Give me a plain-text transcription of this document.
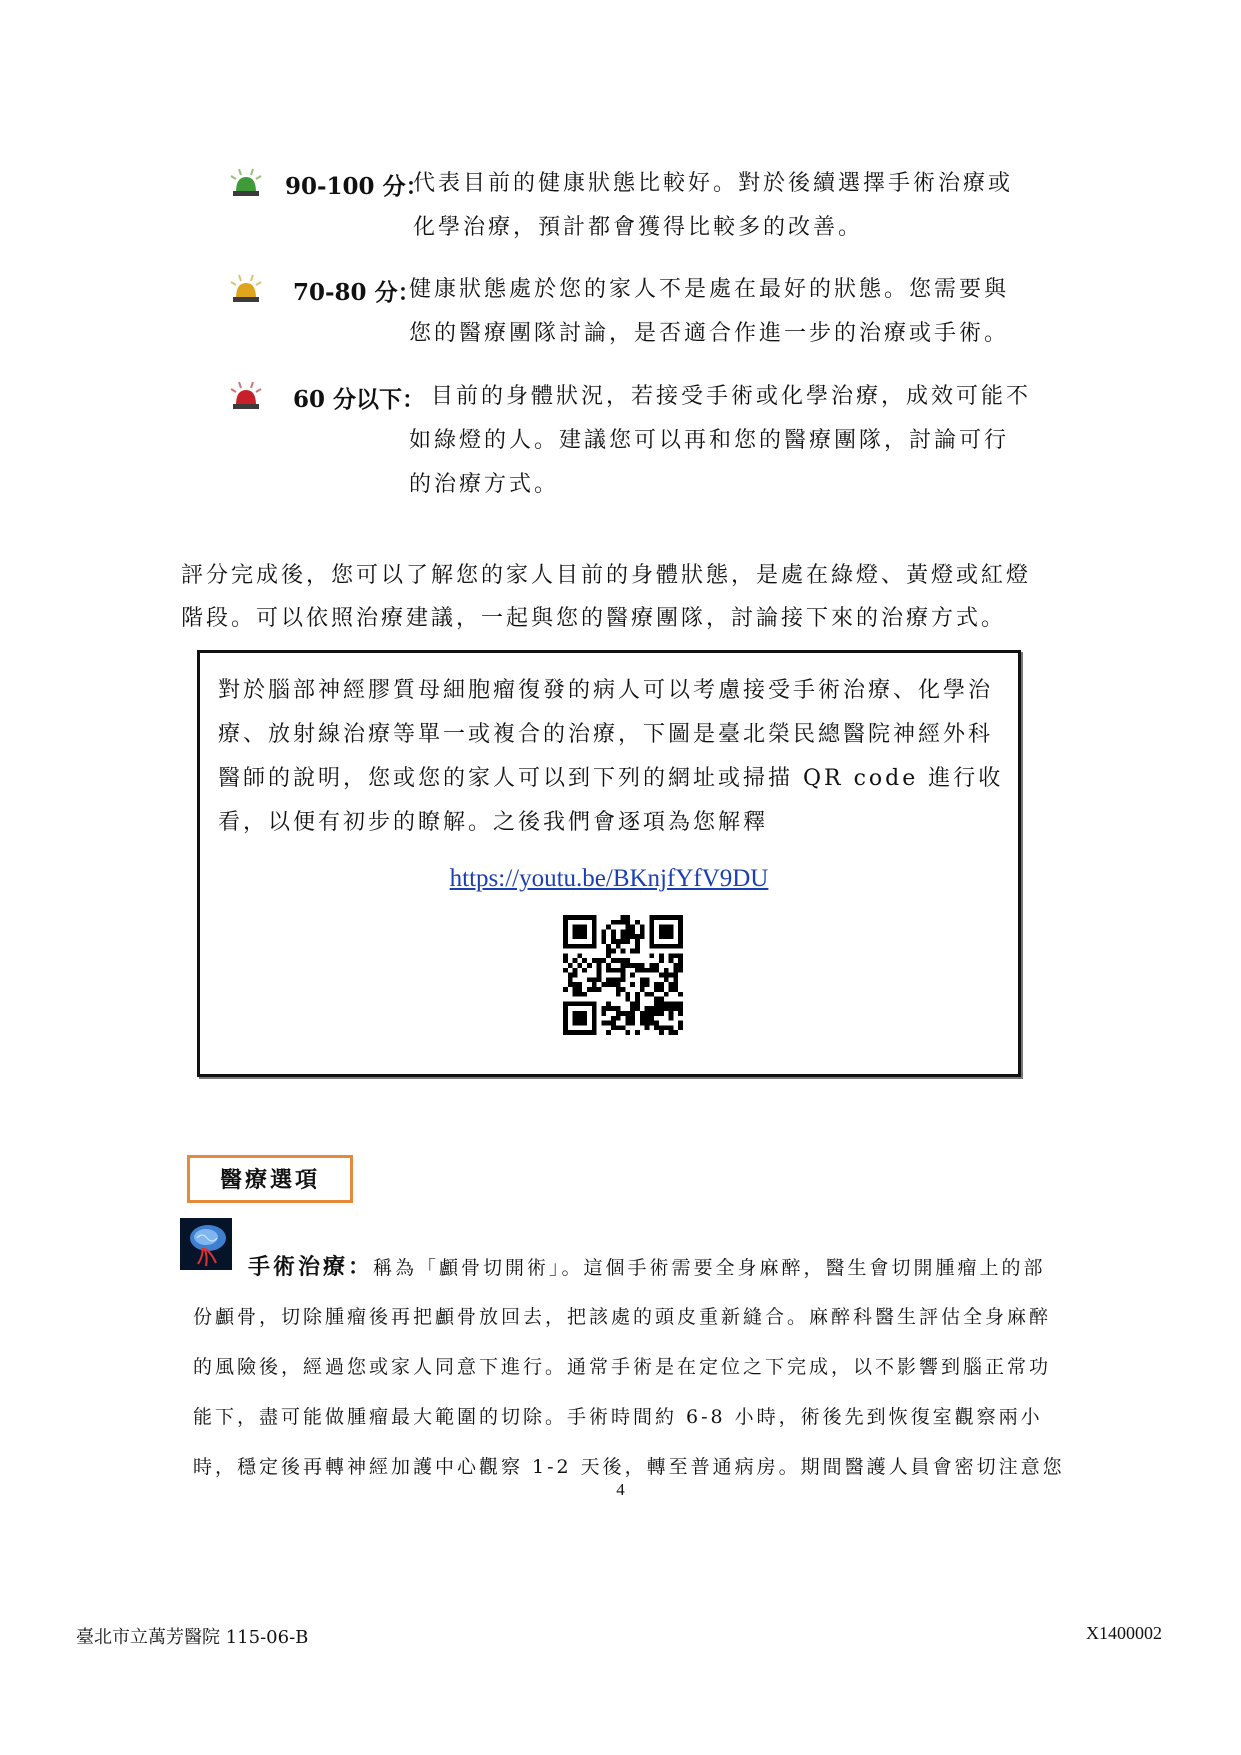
90-100 分：
代表目前的健康狀態比較好。對於後續選擇手術治療或
化學治療，預計都會獲得比較多的改善。
70-80 分：
健康狀態處於您的家人不是處在最好的狀態。您需要與
您的醫療團隊討論，是否適合作進一步的治療或手術。
60 分以下： 目前的身體狀況，若接受手術或化學治療，成效可能不
如綠燈的人。建議您可以再和您的醫療團隊，討論可行
的治療方式。
評分完成後，您可以了解您的家人目前的身體狀態，是處在綠燈、黃燈或紅燈
階段。可以依照治療建議，一起與您的醫療團隊，討論接下來的治療方式。
對於腦部神經膠質母細胞瘤復發的病人可以考慮接受手術治療、化學治
療、放射線治療等單一或複合的治療，下圖是臺北榮民總醫院神經外科
醫師的說明，您或您的家人可以到下列的網址或掃描 QR code 進行收
看，以便有初步的瞭解。之後我們會逐項為您解釋
https://youtu.be/BKnjfYfV9DU
醫療選項
手術治療：稱為「顱骨切開術」。這個手術需要全身麻醉，醫生會切開腫瘤上的部
份顱骨，切除腫瘤後再把顱骨放回去，把該處的頭皮重新縫合。麻醉科醫生評估全身麻醉
的風險後，經過您或家人同意下進行。通常手術是在定位之下完成，以不影響到腦正常功
能下，盡可能做腫瘤最大範圍的切除。手術時間約 6-8 小時，術後先到恢復室觀察兩小
時，穩定後再轉神經加護中心觀察 1-2 天後，轉至普通病房。期間醫護人員會密切注意您
4
臺北市立萬芳醫院 115-06-B	X1400002
